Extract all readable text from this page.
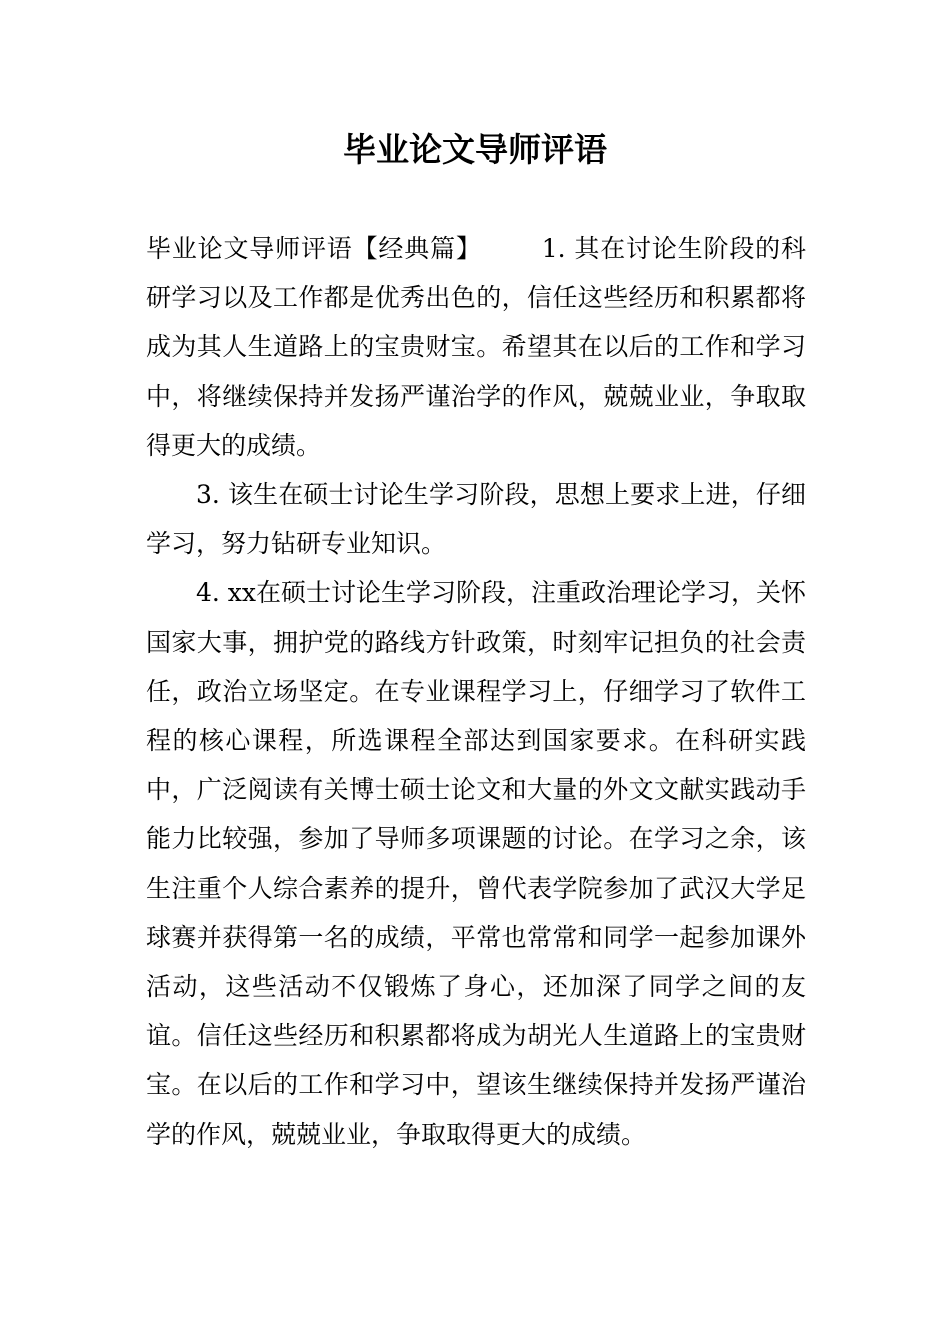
毕业论文导师评语

毕业论文导师评语【经典篇】 1. 其在讨论生阶段的科研学习以及工作都是优秀出色的，信任这些经历和积累都将成为其人生道路上的宝贵财宝。希望其在以后的工作和学习中，将继续保持并发扬严谨治学的作风，兢兢业业，争取取得更大的成绩。

3. 该生在硕士讨论生学习阶段，思想上要求上进，仔细学习，努力钻研专业知识。

4. xx在硕士讨论生学习阶段，注重政治理论学习，关怀国家大事，拥护党的路线方针政策，时刻牢记担负的社会责任，政治立场坚定。在专业课程学习上，仔细学习了软件工程的核心课程，所选课程全部达到国家要求。在科研实践中，广泛阅读有关博士硕士论文和大量的外文文献实践动手能力比较强，参加了导师多项课题的讨论。在学习之余，该生注重个人综合素养的提升，曾代表学院参加了武汉大学足球赛并获得第一名的成绩，平常也常常和同学一起参加课外活动，这些活动不仅锻炼了身心，还加深了同学之间的友谊。信任这些经历和积累都将成为胡光人生道路上的宝贵财宝。在以后的工作和学习中，望该生继续保持并发扬严谨治学的作风，兢兢业业，争取取得更大的成绩。
